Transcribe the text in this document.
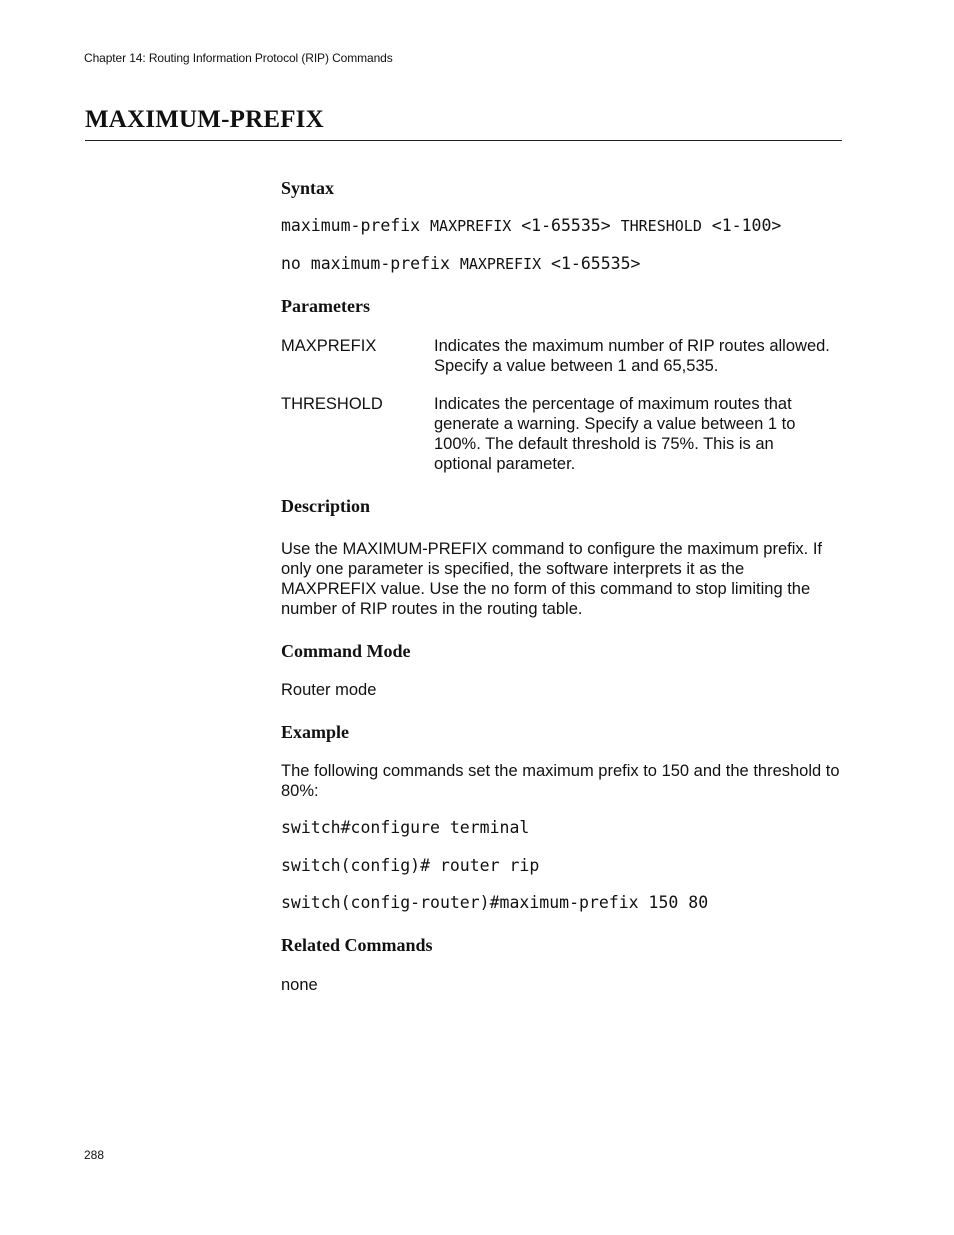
Chapter 14: Routing Information Protocol (RIP) Commands
MAXIMUM-PREFIX
Syntax
maximum-prefix MAXPREFIX <1-65535> THRESHOLD <1-100>
no maximum-prefix MAXPREFIX <1-65535>
Parameters
MAXPREFIX	Indicates the maximum number of RIP routes allowed. Specify a value between 1 and 65,535.
THRESHOLD	Indicates the percentage of maximum routes that generate a warning. Specify a value between 1 to 100%. The default threshold is 75%. This is an optional parameter.
Description

Use the MAXIMUM-PREFIX command to configure the maximum prefix. If only one parameter is specified, the software interprets it as the MAXPREFIX value. Use the no form of this command to stop limiting the number of RIP routes in the routing table.

Command Mode

Router mode

Example

The following commands set the maximum prefix to 150 and the threshold to 80%:

switch#configure terminal
switch(config)# router rip
switch(config-router)#maximum-prefix 150 80
Related Commands

none

288
